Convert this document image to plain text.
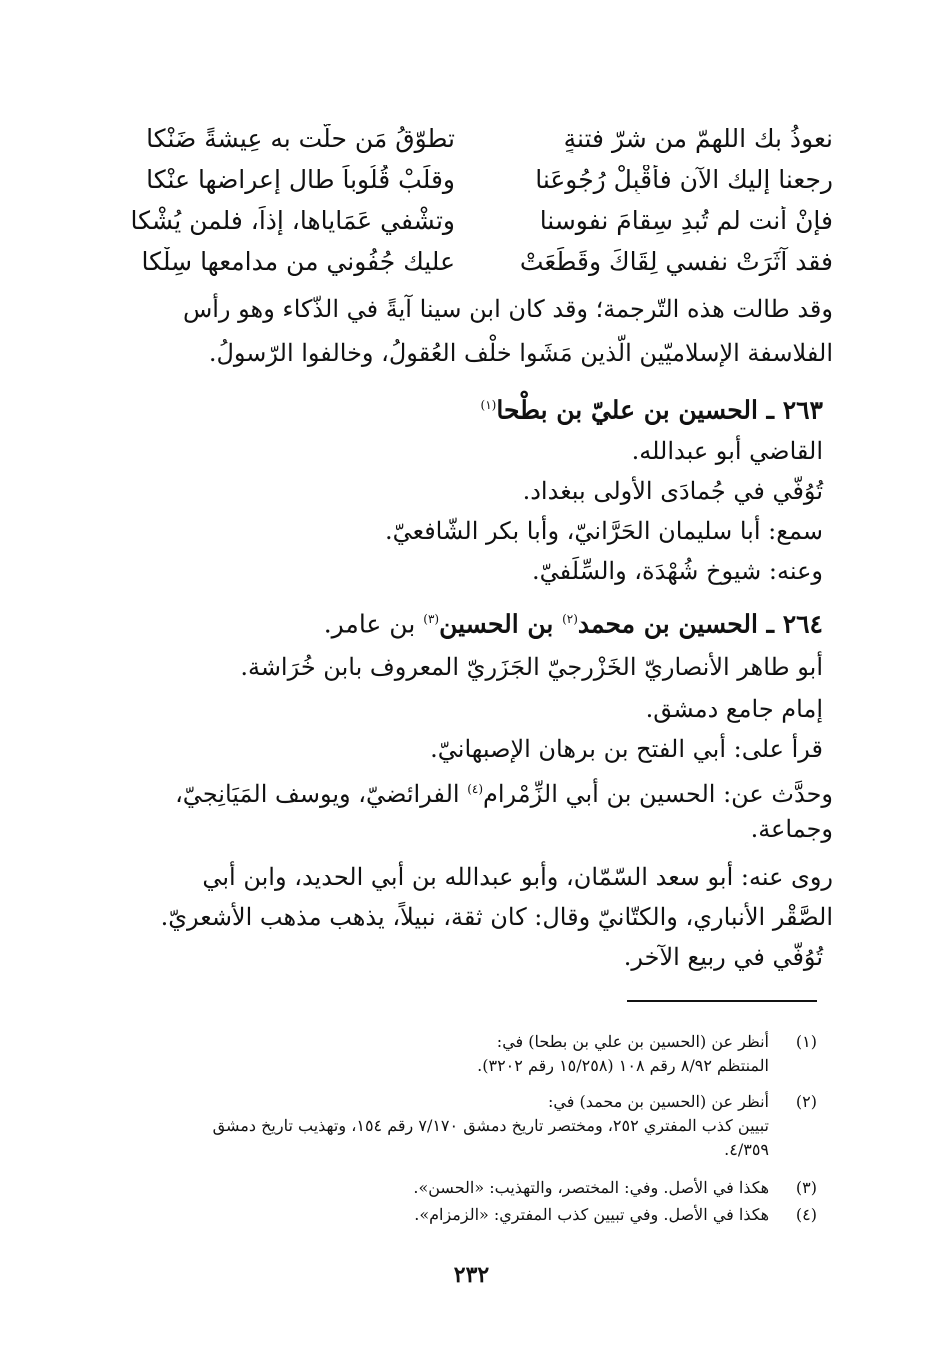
نعوذُ بك اللهمّ من شرّ فتنةٍ
تطوّقُ مَن حلّت به عِيشةً ضَنْكا
رجعنا إليك الآن فأقْبِلْ رُجُوعَنا
وقلِّبْ قُلُوباً طال إعراضها عنْكا
فإنْ أنت لم تُبدِ سِقامَ نفوسنا
وتشْفي عَمَاياها، إذاً، فلمن يُشْكا
فقد آثَرَتْ نفسي لِقَاكَ وقَطَعَتْ
عليك جُفُوني من مدامعها سِلْكا
وقد طالت هذه التّرجمة؛ وقد كان ابن سينا آيةً في الذّكاء وهو رأس
الفلاسفة الإسلاميّين الّذين مَشَوا خلْف العُقولُ، وخالفوا الرّسولُ.
٢٦٣ ـ الحسين بن عليّ بن بطْحا$^{(١)}$
القاضي أبو عبدالله.
تُوُفّي في جُمادَى الأولى ببغداد.
سمع: أبا سليمان الحَرَّانيّ، وأبا بكر الشّافعيّ.
وعنه: شيوخ شُهْدَة، والسِّلَفيّ.
٢٦٤ ـ الحسين بن محمد$^{(٢)}$ بن الحسين$^{(٣)}$ بن عامر.
أبو طاهر الأنصاريّ الخَزْرجيّ الجَزَريّ المعروف بابن خُرَاشة.
إمام جامع دمشق.
قرأ على: أبي الفتح بن برهان الإصبهانيّ.
وحدَّث عن: الحسين بن أبي الزِّمْرام$^{(٤)}$ الفرائضيّ، ويوسف المَيَانِجيّ،
وجماعة.
روى عنه: أبو سعد السّمّان، وأبو عبدالله بن أبي الحديد، وابن أبي
الصَّقْر الأنباري، والكتّانيّ وقال: كان ثقة، نبيلاً، يذهب مذهب الأشعريّ.
تُوُفّي في ربيع الآخر.
(١)
أنظر عن (الحسين بن علي بن بطحا) في:
المنتظم ٨/٩٢ رقم ١٠٨ (١٥/٢٥٨ رقم ٣٢٠٢).
(٢)
أنظر عن (الحسين بن محمد) في:
تبيين كذب المفتري ٢٥٢، ومختصر تاريخ دمشق ٧/١٧٠ رقم ١٥٤، وتهذيب تاريخ دمشق
٤/٣٥٩.
(٣)
هكذا في الأصل. وفي: المختصر، والتهذيب: «الحسن».
(٤)
هكذا في الأصل. وفي تبيين كذب المفتري: «الزمزام».
٢٣٢
